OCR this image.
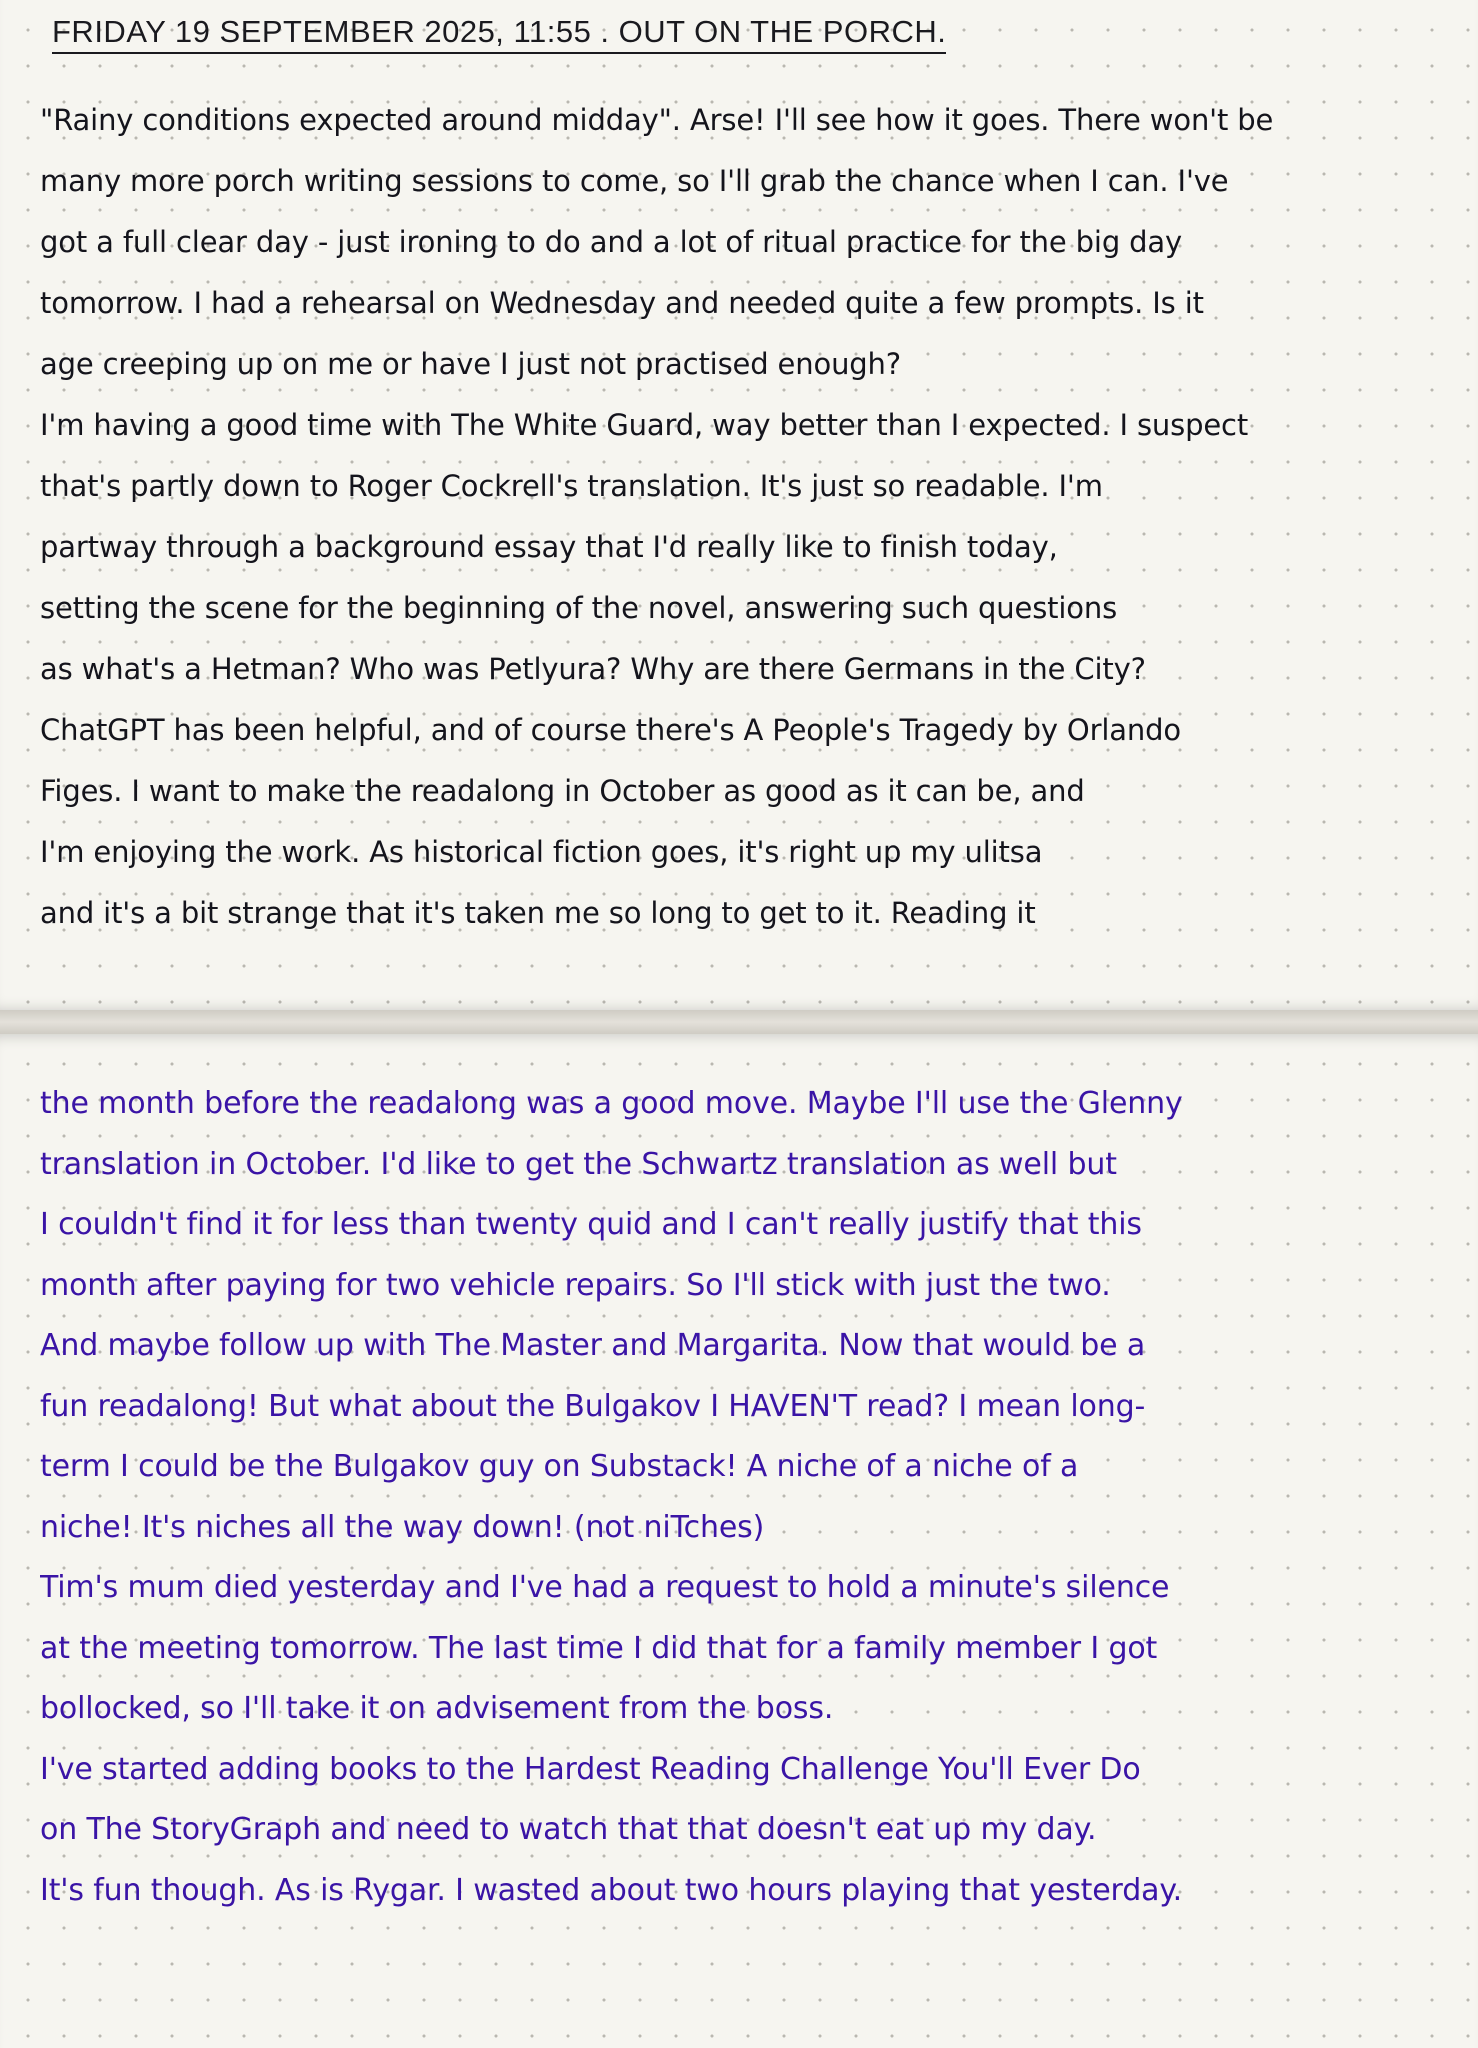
FRIDAY 19 SEPTEMBER 2025, 11:55 . OUT ON THE PORCH.
"Rainy conditions expected around midday". Arse! I'll see how it goes. There won't be
many more porch writing sessions to come, so I'll grab the chance when I can. I've
got a full clear day - just ironing to do and a lot of ritual practice for the big day
tomorrow. I had a rehearsal on Wednesday and needed quite a few prompts. Is it
age creeping up on me or have I just not practised enough?
I'm having a good time with The White Guard, way better than I expected. I suspect
that's partly down to Roger Cockrell's translation. It's just so readable. I'm
partway through a background essay that I'd really like to finish today,
setting the scene for the beginning of the novel, answering such questions
as what's a Hetman? Who was Petlyura? Why are there Germans in the City?
ChatGPT has been helpful, and of course there's A People's Tragedy by Orlando
Figes. I want to make the readalong in October as good as it can be, and
I'm enjoying the work. As historical fiction goes, it's right up my ulitsa
and it's a bit strange that it's taken me so long to get to it. Reading it
the month before the readalong was a good move. Maybe I'll use the Glenny
translation in October. I'd like to get the Schwartz translation as well but
I couldn't find it for less than twenty quid and I can't really justify that this
month after paying for two vehicle repairs. So I'll stick with just the two.
And maybe follow up with The Master and Margarita. Now that would be a
fun readalong! But what about the Bulgakov I HAVEN'T read? I mean long-
term I could be the Bulgakov guy on Substack! A niche of a niche of a
niche! It's niches all the way down! (not niTches)
Tim's mum died yesterday and I've had a request to hold a minute's silence
at the meeting tomorrow. The last time I did that for a family member I got
bollocked, so I'll take it on advisement from the boss.
I've started adding books to the Hardest Reading Challenge You'll Ever Do
on The StoryGraph and need to watch that that doesn't eat up my day.
It's fun though. As is Rygar. I wasted about two hours playing that yesterday.
